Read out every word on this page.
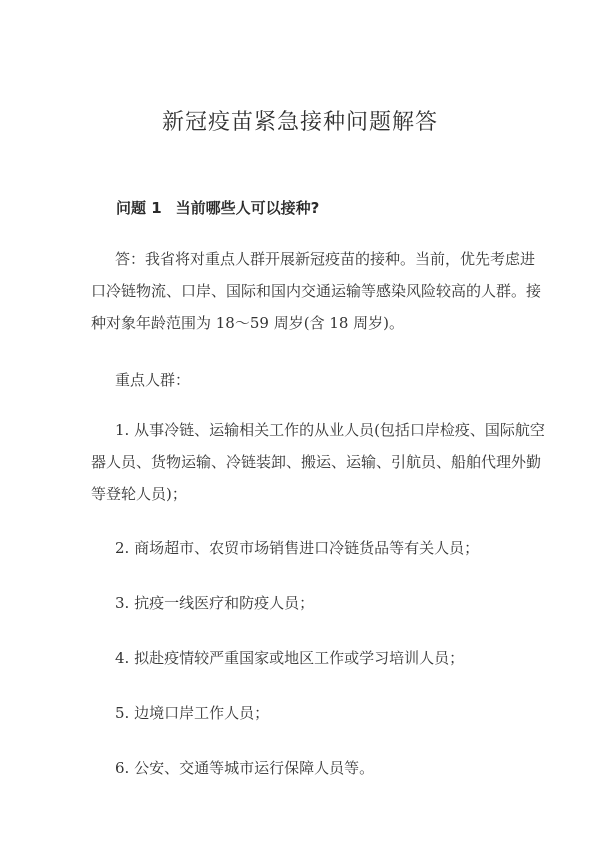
新冠疫苗紧急接种问题解答
问题 1 当前哪些人可以接种?
答：我省将对重点人群开展新冠疫苗的接种。当前，优先考虑进
口冷链物流、口岸、国际和国内交通运输等感染风险较高的人群。接
种对象年龄范围为 18～59 周岁(含 18 周岁)。
重点人群：
1. 从事冷链、运输相关工作的从业人员(包括口岸检疫、国际航空
器人员、货物运输、冷链装卸、搬运、运输、引航员、船舶代理外勤
等登轮人员)；
2. 商场超市、农贸市场销售进口冷链货品等有关人员；
3. 抗疫一线医疗和防疫人员；
4. 拟赴疫情较严重国家或地区工作或学习培训人员；
5. 边境口岸工作人员；
6. 公安、交通等城市运行保障人员等。
